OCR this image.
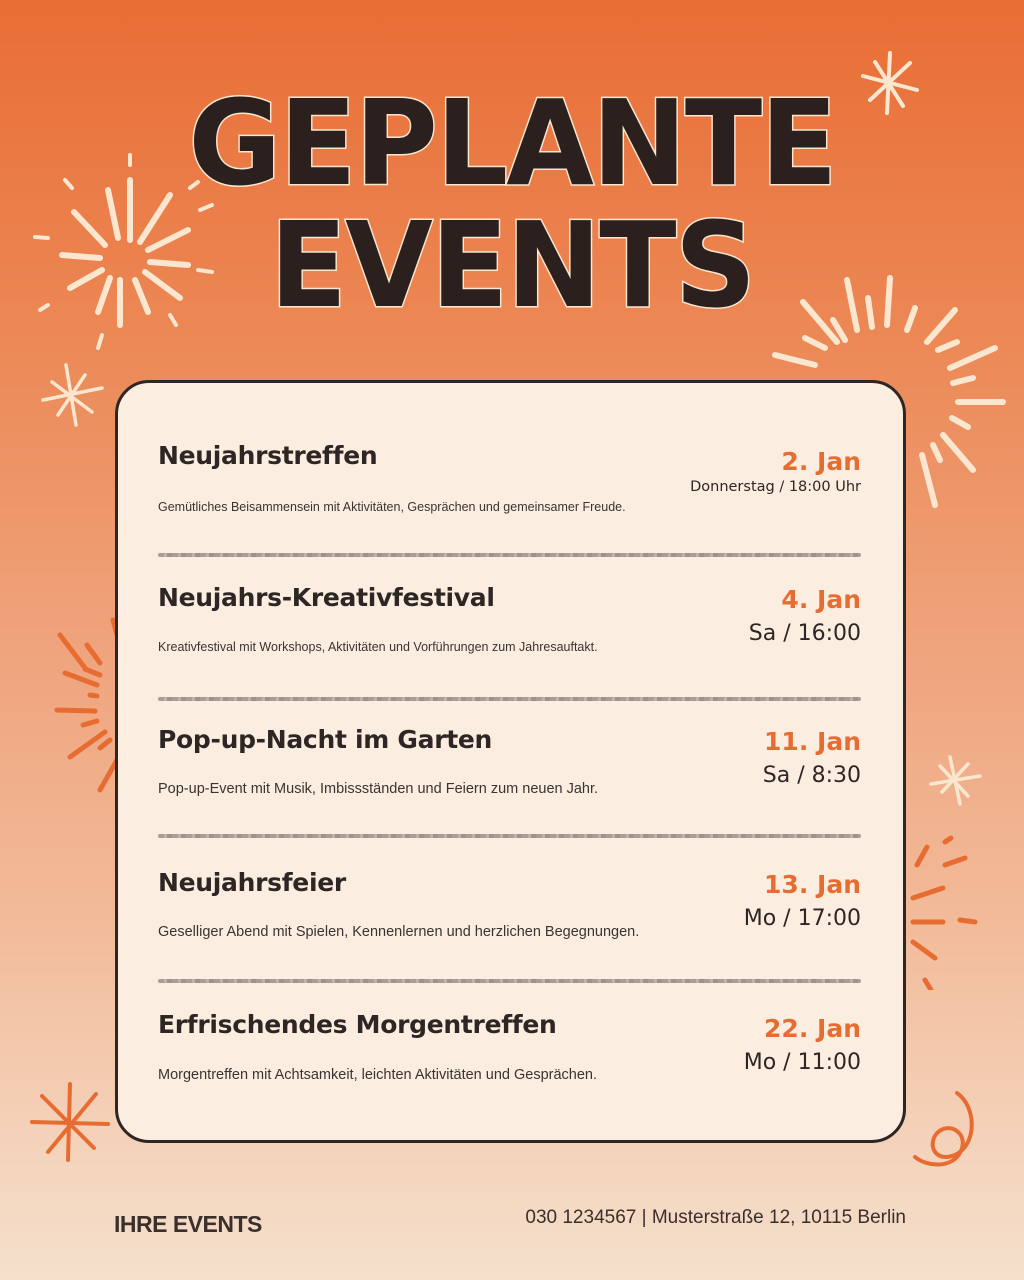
GEPLANTE
EVENTS
Neujahrstreffen
Gemütliches Beisammensein mit Aktivitäten, Gesprächen und gemeinsamer Freude.
2. Jan
Donnerstag / 18:00 Uhr
Neujahrs-Kreativfestival
Kreativfestival mit Workshops, Aktivitäten und Vorführungen zum Jahresauftakt.
4. Jan
Sa / 16:00
Pop-up-Nacht im Garten
Pop-up-Event mit Musik, Imbissständen und Feiern zum neuen Jahr.
11. Jan
Sa / 8:30
Neujahrsfeier
Geselliger Abend mit Spielen, Kennenlernen und herzlichen Begegnungen.
13. Jan
Mo / 17:00
Erfrischendes Morgentreffen
Morgentreffen mit Achtsamkeit, leichten Aktivitäten und Gesprächen.
22. Jan
Mo / 11:00
IHRE EVENTS	030 1234567 | Musterstraße 12, 10115 Berlin
